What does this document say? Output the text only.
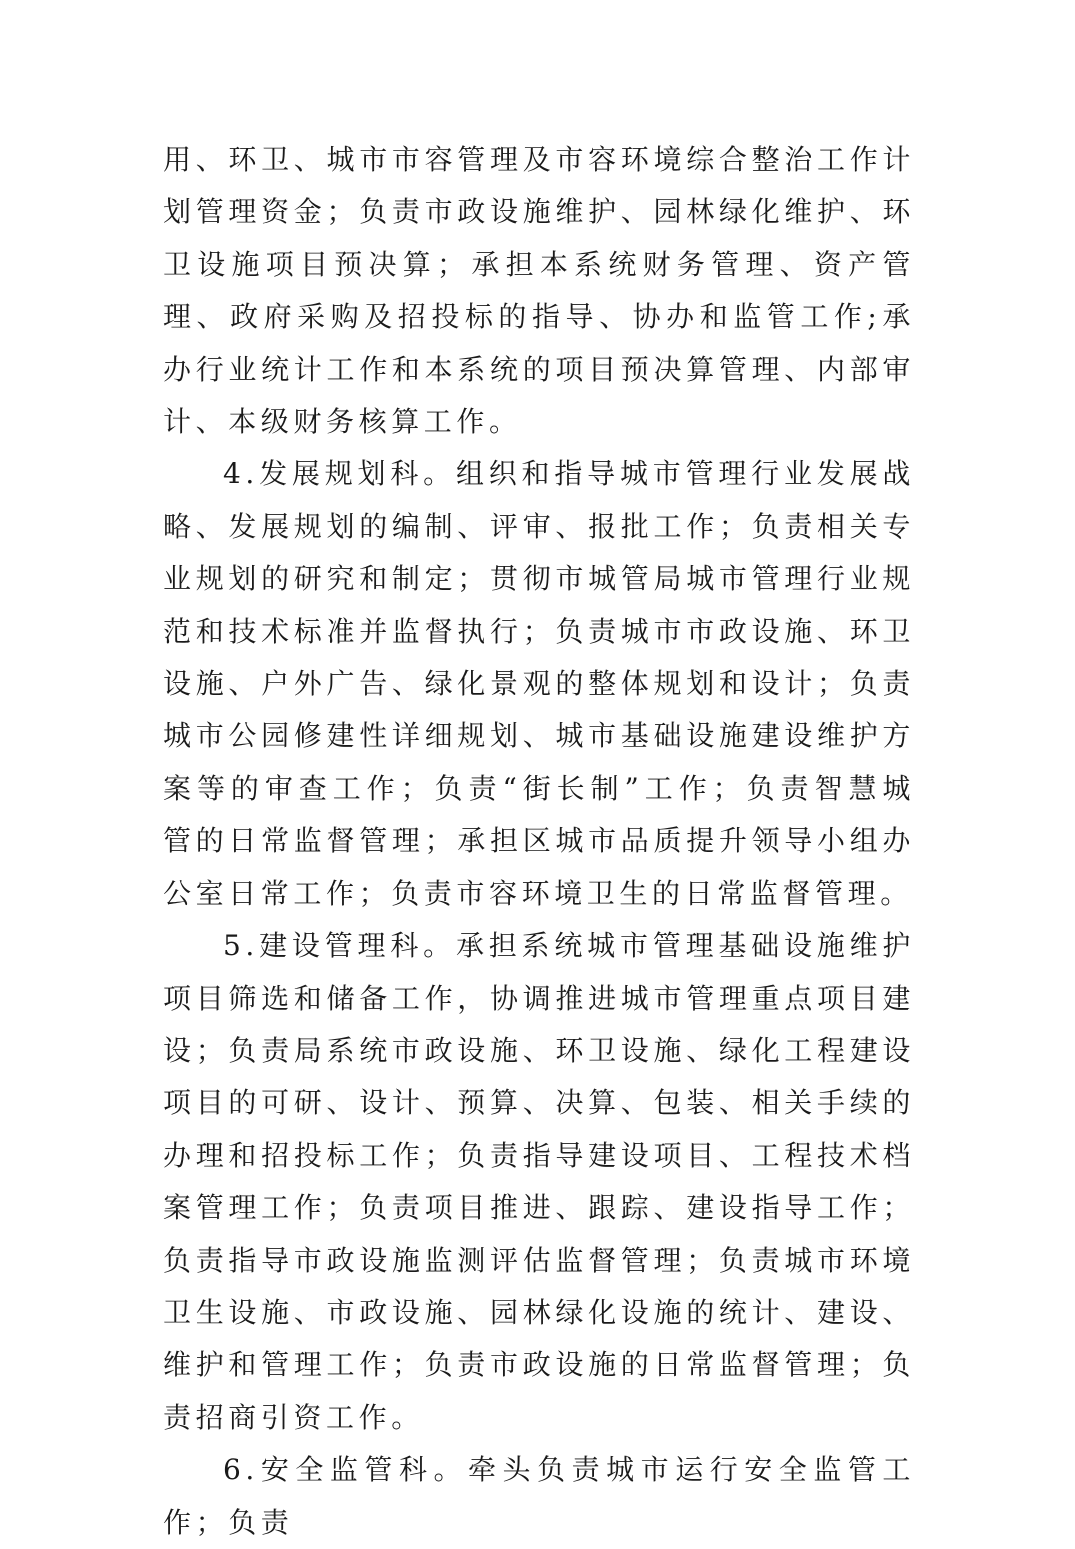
用、环卫、城市市容管理及市容环境综合整治工作计划管理资金；负责市政设施维护、园林绿化维护、环卫设施项目预决算；承担本系统财务管理、资产管理、政府采购及招投标的指导、协办和监管工作;承办行业统计工作和本系统的项目预决算管理、内部审计、本级财务核算工作。

4.发展规划科。组织和指导城市管理行业发展战略、发展规划的编制、评审、报批工作；负责相关专业规划的研究和制定；贯彻市城管局城市管理行业规范和技术标准并监督执行；负责城市市政设施、环卫设施、户外广告、绿化景观的整体规划和设计；负责城市公园修建性详细规划、城市基础设施建设维护方案等的审查工作；负责“街长制”工作；负责智慧城管的日常监督管理；承担区城市品质提升领导小组办公室日常工作；负责市容环境卫生的日常监督管理。

5.建设管理科。承担系统城市管理基础设施维护项目筛选和储备工作，协调推进城市管理重点项目建设；负责局系统市政设施、环卫设施、绿化工程建设项目的可研、设计、预算、决算、包装、相关手续的办理和招投标工作；负责指导建设项目、工程技术档案管理工作；负责项目推进、跟踪、建设指导工作；负责指导市政设施监测评估监督管理；负责城市环境卫生设施、市政设施、园林绿化设施的统计、建设、维护和管理工作；负责市政设施的日常监督管理；负责招商引资工作。

6.安全监管科。牵头负责城市运行安全监管工作；负责
